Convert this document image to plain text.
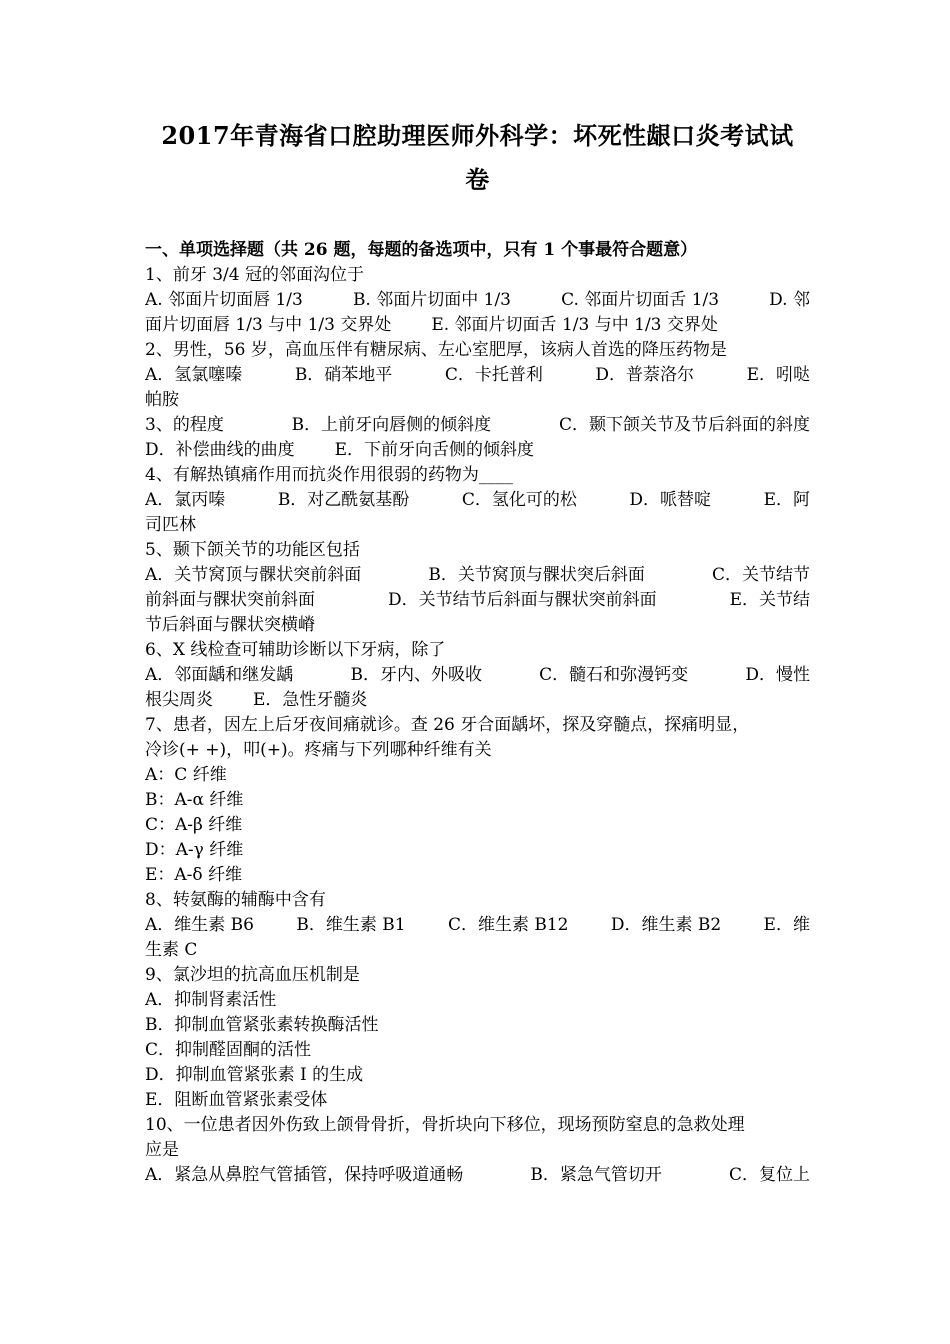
2017年青海省口腔助理医师外科学：坏死性龈口炎考试试
卷
一、单项选择题（共 26 题，每题的备选项中，只有 1 个事最符合题意）
1、前牙 3/4 冠的邻面沟位于
A. 邻面片切面唇 1/3	B. 邻面片切面中 1/3	C. 邻面片切面舌 1/3	D. 邻
面片切面唇 1/3 与中 1/3 交界处 E. 邻面片切面舌 1/3 与中 1/3 交界处
2、男性，56 岁，高血压伴有糖尿病、左心室肥厚，该病人首选的降压药物是
A．氢氯噻嗪	B．硝苯地平	C．卡托普利	D．普萘洛尔	E．吲哒
帕胺
3、的程度	B．上前牙向唇侧的倾斜度	C．颞下颌关节及节后斜面的斜度
D．补偿曲线的曲度 E．下前牙向舌侧的倾斜度
4、有解热镇痛作用而抗炎作用很弱的药物为____
A．氯丙嗪	B．对乙酰氨基酚	C．氢化可的松	D．哌替啶	E．阿
司匹林
5、颞下颌关节的功能区包括
A．关节窝顶与髁状突前斜面	B．关节窝顶与髁状突后斜面	C．关节结节
前斜面与髁状突前斜面	D．关节结节后斜面与髁状突前斜面	E．关节结
节后斜面与髁状突横嵴
6、X 线检查可辅助诊断以下牙病，除了
A．邻面龋和继发龋	B．牙内、外吸收	C．髓石和弥漫钙变	D．慢性
根尖周炎 E．急性牙髓炎
7、患者，因左上后牙夜间痛就诊。查 26 牙合面龋坏，探及穿髓点，探痛明显，
冷诊(+ +)，叩(+)。疼痛与下列哪种纤维有关
A：C 纤维
B：A-α 纤维
C：A-β 纤维
D：A-γ 纤维
E：A-δ 纤维
8、转氨酶的辅酶中含有
A．维生素 B6 B．维生素 B1 C．维生素 B12 D．维生素 B2 E．维
生素 C
9、氯沙坦的抗高血压机制是
A．抑制肾素活性
B．抑制血管紧张素转换酶活性
C．抑制醛固酮的活性
D．抑制血管紧张素 I 的生成
E．阻断血管紧张素受体
10、一位患者因外伤致上颌骨骨折，骨折块向下移位，现场预防窒息的急救处理
应是
A．紧急从鼻腔气管插管，保持呼吸道通畅	B．紧急气管切开	C．复位上
